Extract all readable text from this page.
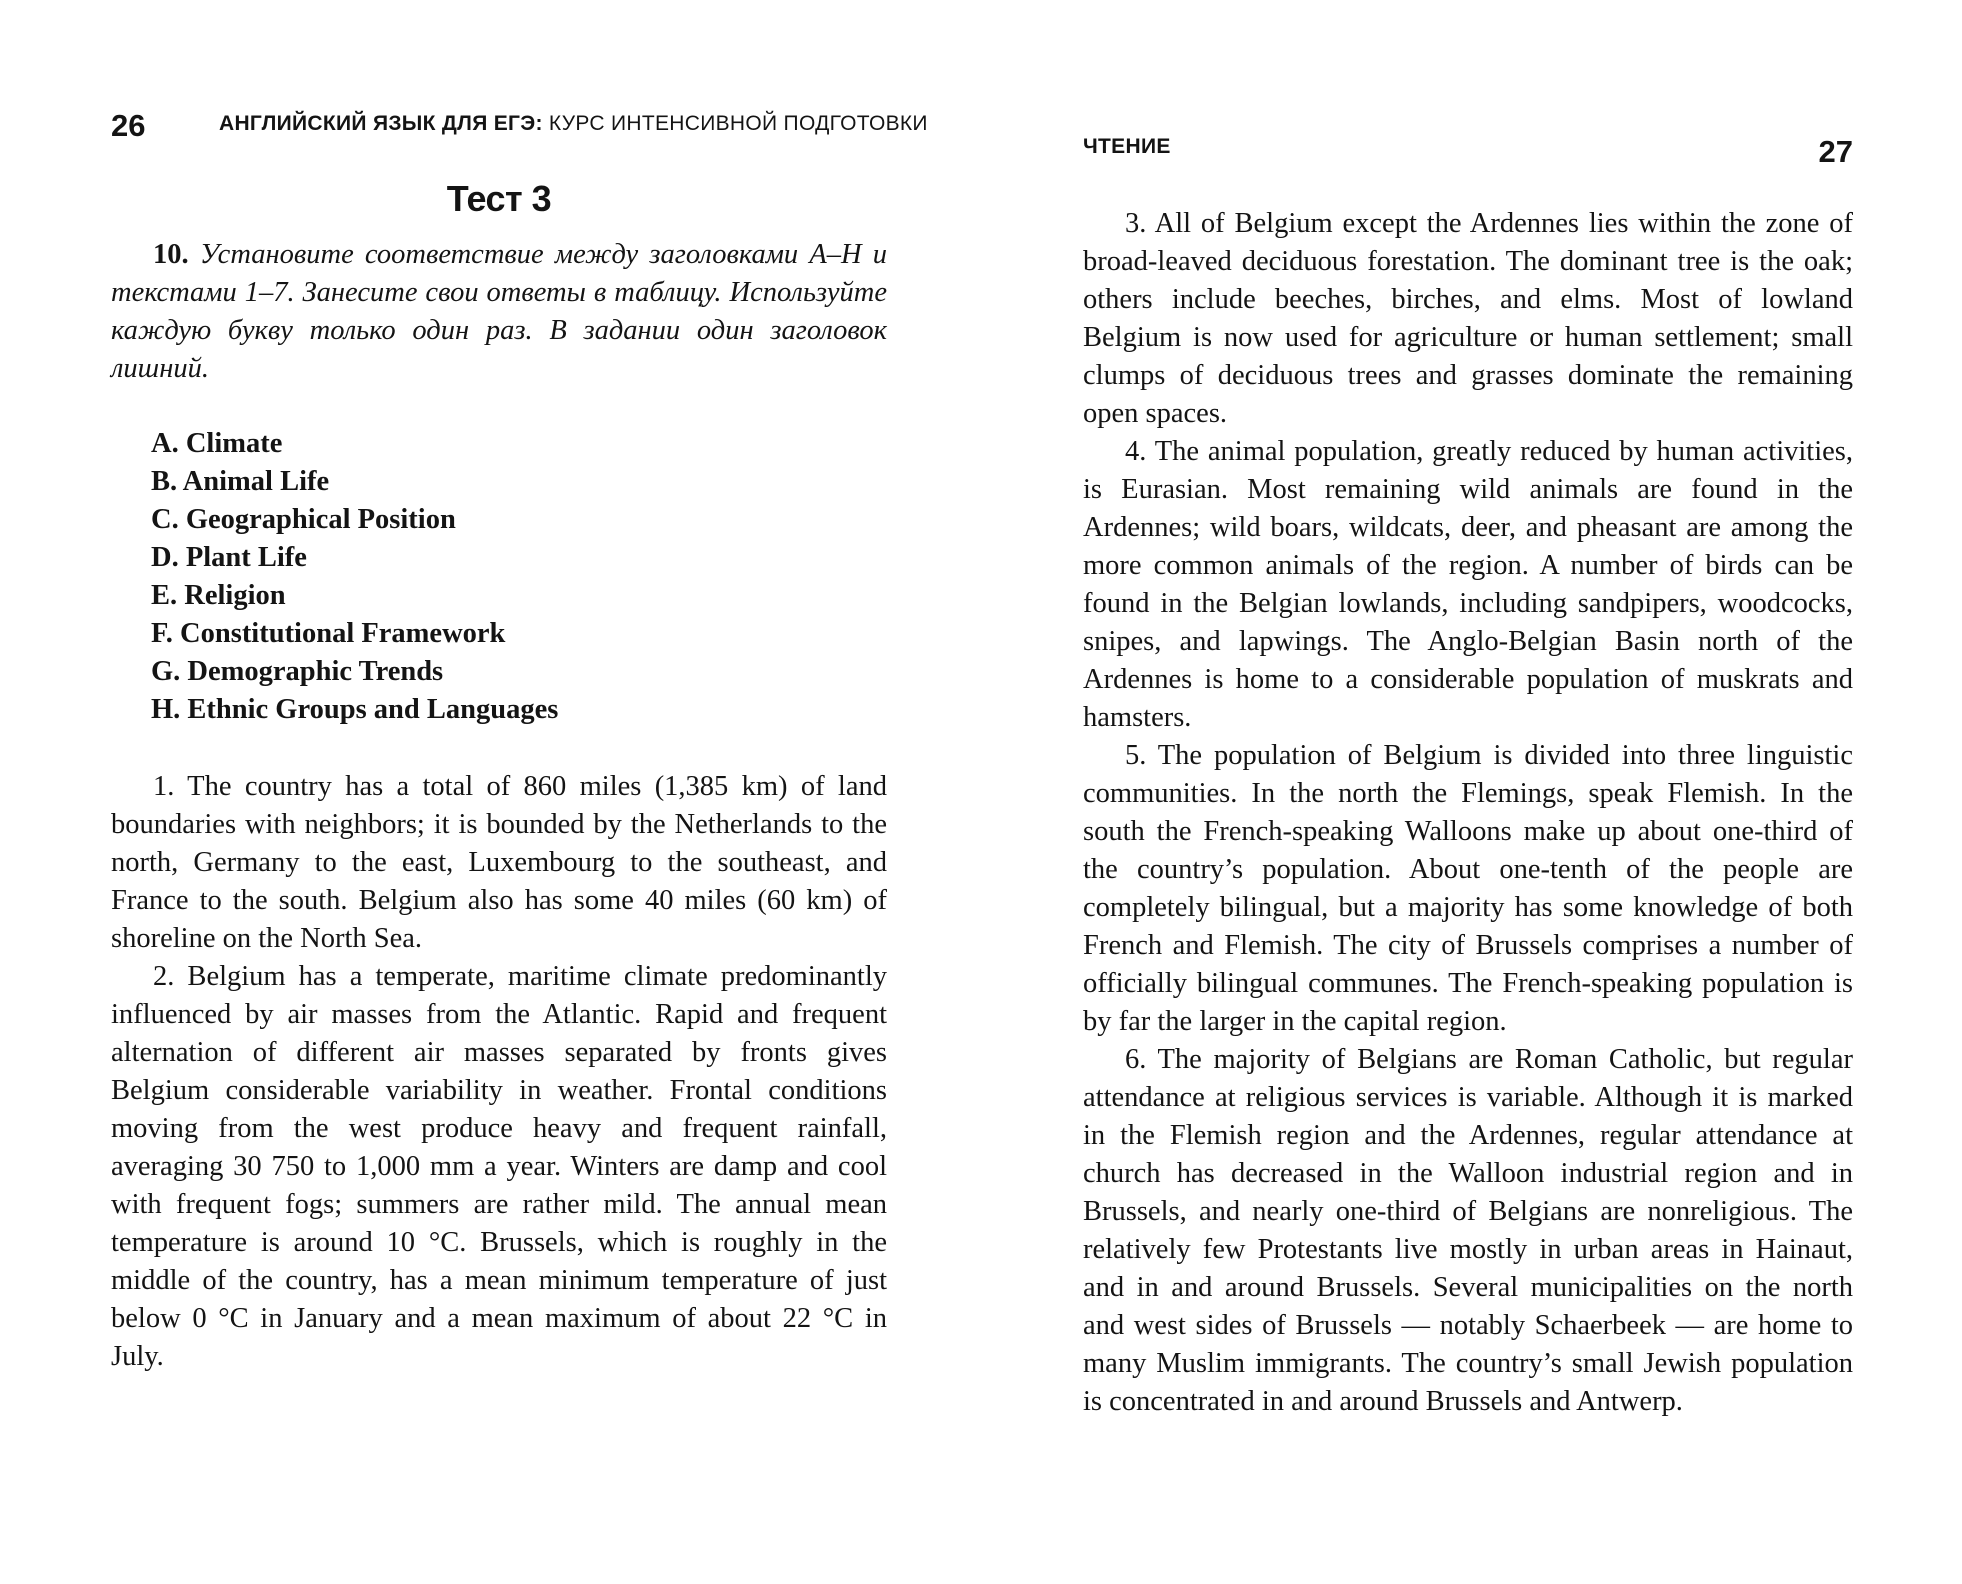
26	АНГЛИЙСКИЙ ЯЗЫК ДЛЯ ЕГЭ: КУРС ИНТЕНСИВНОЙ ПОДГОТОВКИ
Тест 3

10. Установите соответствие между заголовками А–Н и текстами 1–7. Занесите свои ответы в таблицу. Используйте каждую букву только один раз. В задании один заголовок лишний.

A. Climate
B. Animal Life
C. Geographical Position
D. Plant Life
E. Religion
F. Constitutional Framework
G. Demographic Trends
H. Ethnic Groups and Languages

1. The country has a total of 860 miles (1,385 km) of land boundaries with neighbors; it is bounded by the Netherlands to the north, Germany to the east, Luxembourg to the southeast, and France to the south. Belgium also has some 40 miles (60 km) of shoreline on the North Sea.

2. Belgium has a temperate, maritime climate predominantly influenced by air masses from the Atlantic. Rapid and frequent alternation of different air masses separated by fronts gives Belgium considerable variability in weather. Frontal conditions moving from the west produce heavy and frequent rainfall, averaging 30 750 to 1,000 mm a year. Winters are damp and cool with frequent fogs; summers are rather mild. The annual mean temperature is around 10 °C. Brussels, which is roughly in the middle of the country, has a mean minimum temperature of just below 0 °C in January and a mean maximum of about 22 °C in July.

ЧТЕНИЕ	27

3. All of Belgium except the Ardennes lies within the zone of broad-leaved deciduous forestation. The dominant tree is the oak; others include beeches, birches, and elms. Most of lowland Belgium is now used for agriculture or human settlement; small clumps of deciduous trees and grasses dominate the remaining open spaces.

4. The animal population, greatly reduced by human activities, is Eurasian. Most remaining wild animals are found in the Ardennes; wild boars, wildcats, deer, and pheasant are among the more common animals of the region. A number of birds can be found in the Belgian lowlands, including sandpipers, woodcocks, snipes, and lapwings. The Anglo-Belgian Basin north of the Ardennes is home to a considerable population of muskrats and hamsters.

5. The population of Belgium is divided into three linguistic communities. In the north the Flemings, speak Flemish. In the south the French-speaking Walloons make up about one-third of the country’s population. About one-tenth of the people are completely bilingual, but a majority has some knowledge of both French and Flemish. The city of Brussels comprises a number of officially bilingual communes. The French-speaking population is by far the larger in the capital region.

6. The majority of Belgians are Roman Catholic, but regular attendance at religious services is variable. Although it is marked in the Flemish region and the Ardennes, regular attendance at church has decreased in the Walloon industrial region and in Brussels, and nearly one-third of Belgians are nonreligious. The relatively few Protestants live mostly in urban areas in Hainaut, and in and around Brussels. Several municipalities on the north and west sides of Brussels — notably Schaerbeek — are home to many Muslim immigrants. The country’s small Jewish population is concentrated in and around Brussels and Antwerp.
